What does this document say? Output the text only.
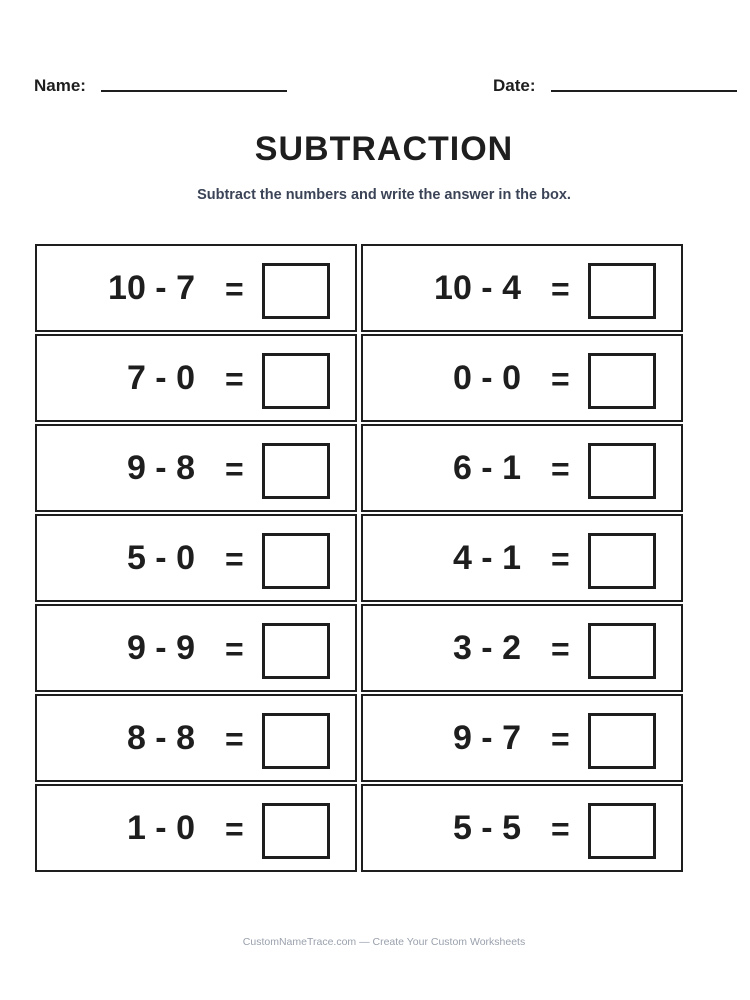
Name:	Date:
SUBTRACTION
Subtract the numbers and write the answer in the box.
10 - 7 =	10 - 4 =
7 - 0 =	0 - 0 =
9 - 8 =	6 - 1 =
5 - 0 =	4 - 1 =
9 - 9 =	3 - 2 =
8 - 8 =	9 - 7 =
1 - 0 =	5 - 5 =
CustomNameTrace.com — Create Your Custom Worksheets
